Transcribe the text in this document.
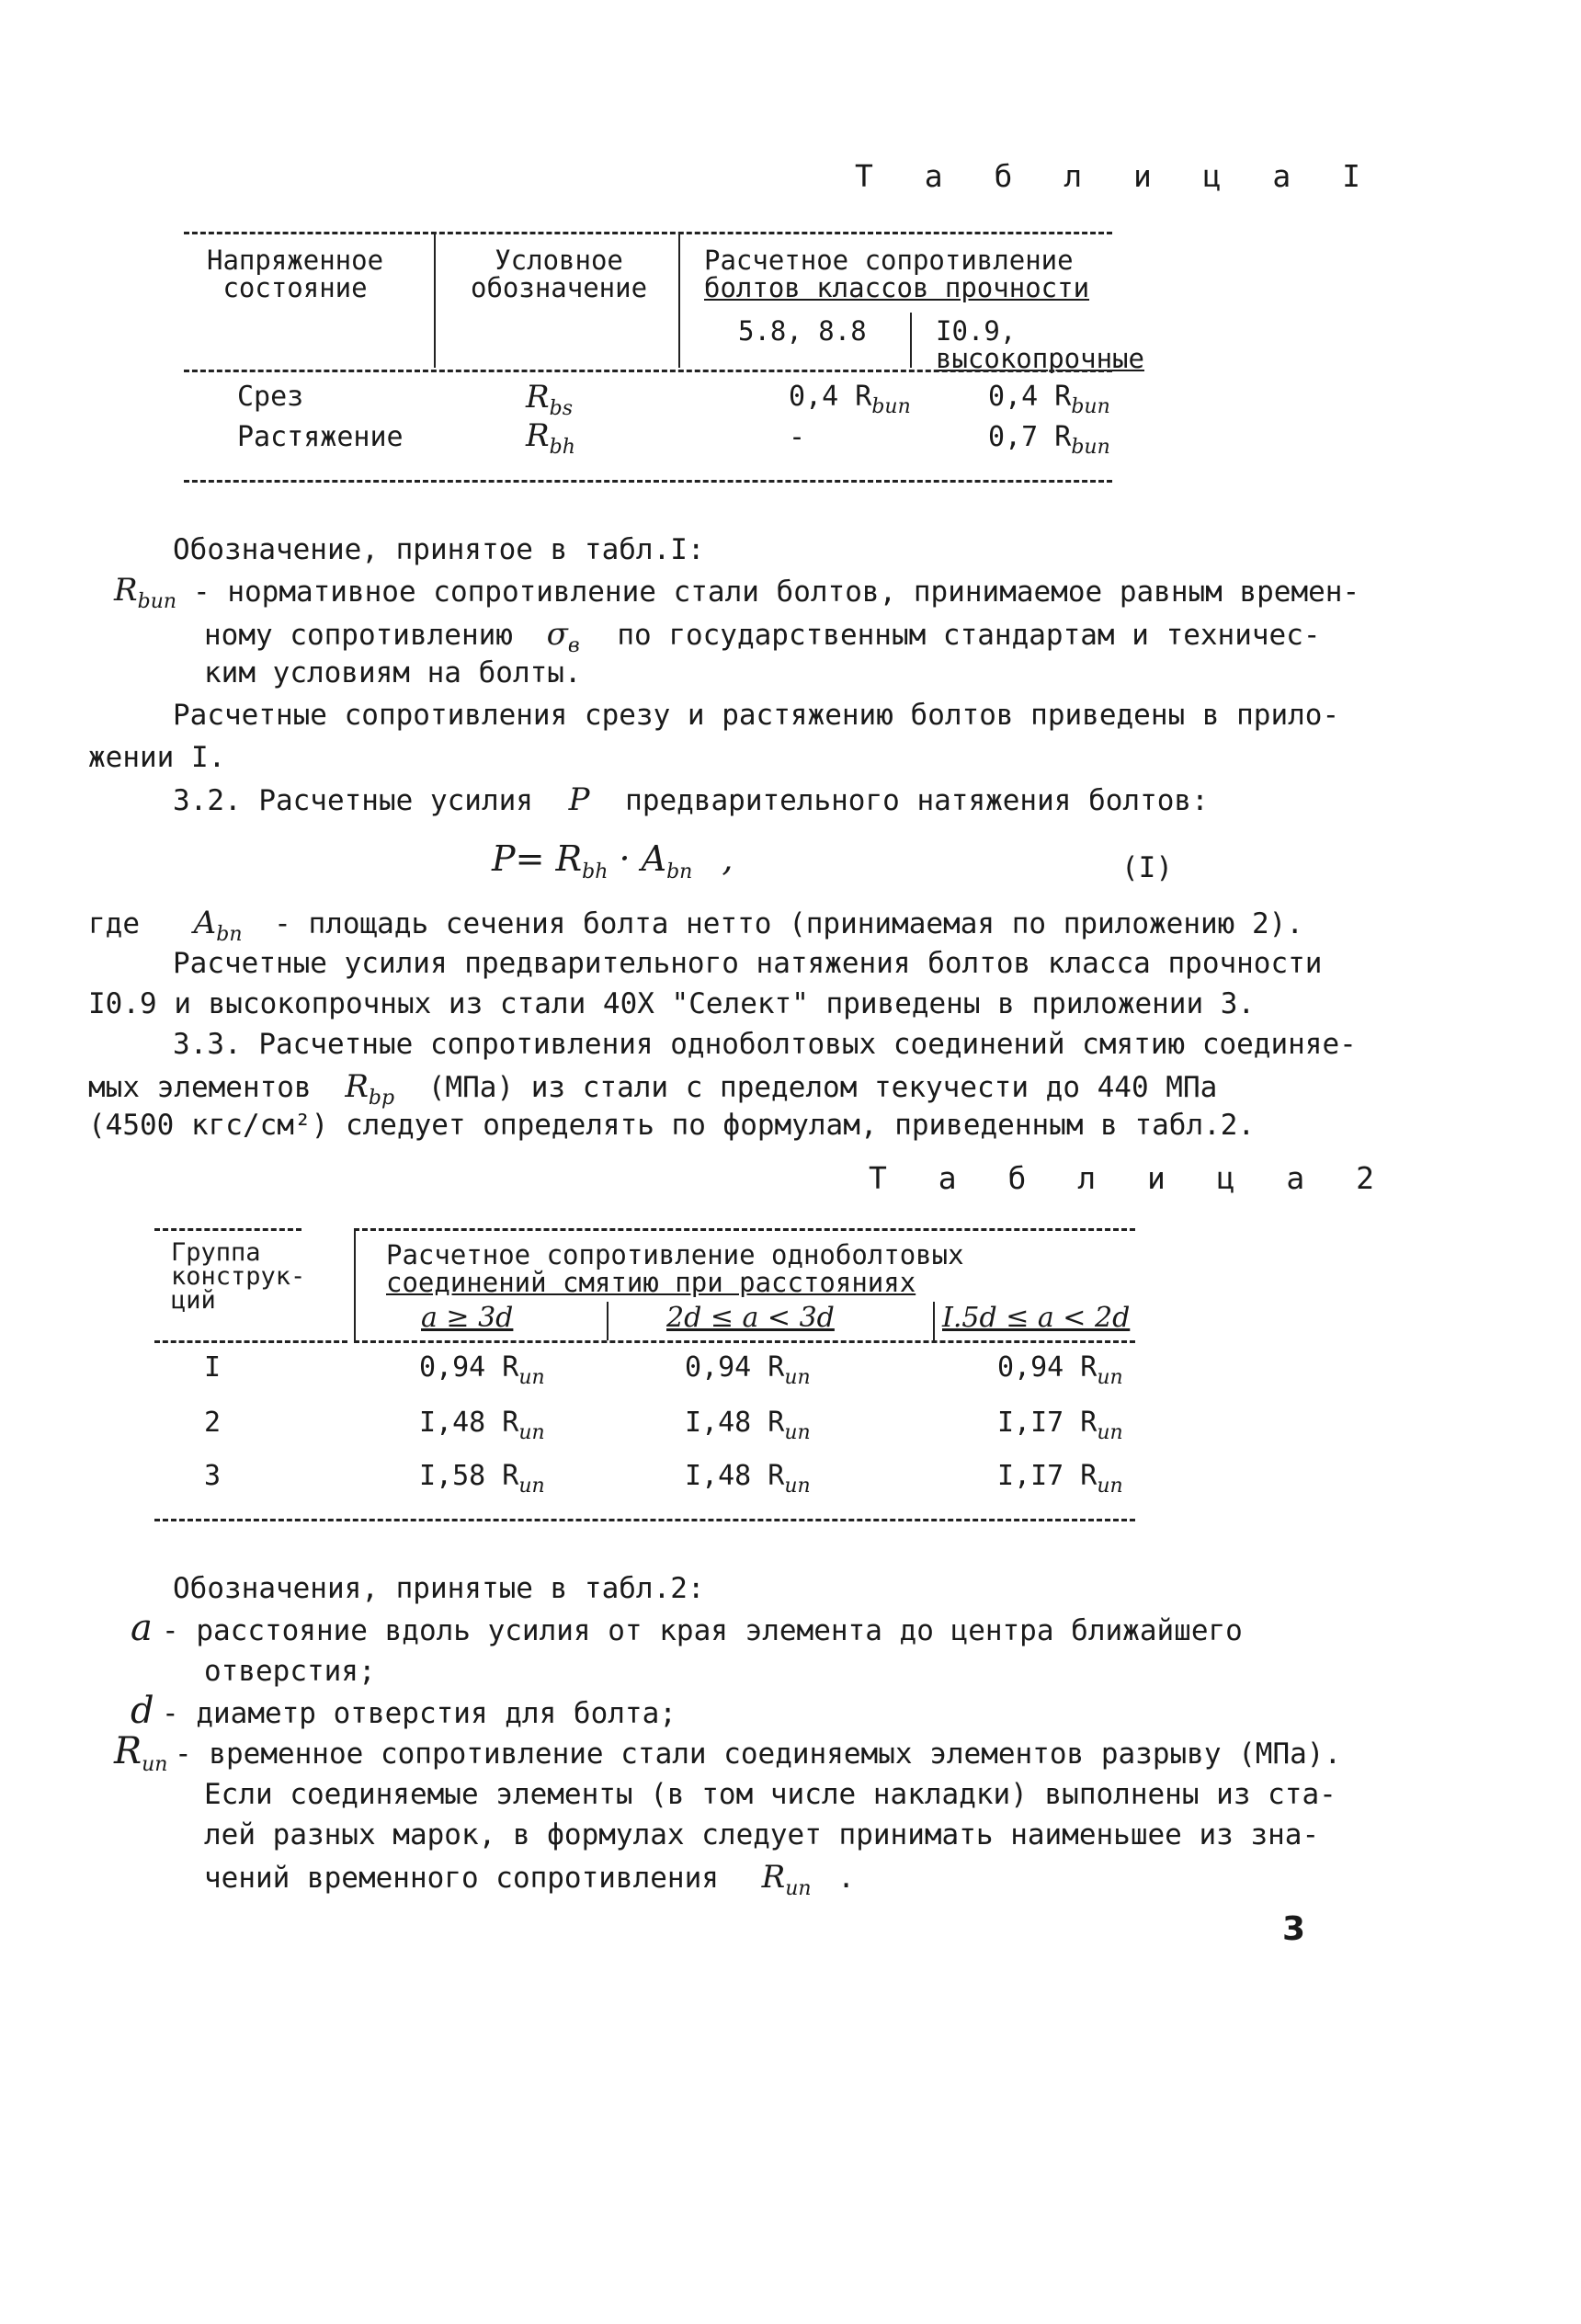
Т а б л и ц а I
Напряженное
состояние
Условное
обозначение
Расчетное сопротивление
болтов классов прочности
5.8, 8.8	I0.9,
высокопрочные
Срез	$R_{bs}$	0,4 $R_{bun}$	0,4 $R_{bun}$
Растяжение	$R_{bh}$	-	0,7 $R_{bun}$
Обозначение, принятое в табл.I:
$R_{bun}$ - нормативное сопротивление стали болтов, принимаемое равным времен-
ному сопротивлению $\sigma_в$ по государственным стандартам и техничес-
ким условиям на болты.
Расчетные сопротивления срезу и растяжению болтов приведены в прило-
жении I.
3.2. Расчетные усилия P предварительного натяжения болтов:
$P= R_{bh} \cdot A_{bn}$ ,	(I)
где $A_{bn}$ - площадь сечения болта нетто (принимаемая по приложению 2).
Расчетные усилия предварительного натяжения болтов класса прочности
I0.9 и высокопрочных из стали 40Х "Селект" приведены в приложении 3.
3.3. Расчетные сопротивления одноболтовых соединений смятию соединяе-
мых элементов $R_{bp}$ (МПа) из стали с пределом текучести до 440 МПа
(4500 кгс/см²) следует определять по формулам, приведенным в табл.2.
Т а б л и ц а 2
Группа
конструк-
ций
Расчетное сопротивление одноболтовых
соединений смятию при расстояниях
a ≥ 3d	2d ≤ a < 3d	I.5d ≤ a < 2d
I	0,94 $R_{un}$	0,94 $R_{un}$	0,94 $R_{un}$
2	I,48 $R_{un}$	I,48 $R_{un}$	I,I7 $R_{un}$
3	I,58 $R_{un}$	I,48 $R_{un}$	I,I7 $R_{un}$
Обозначения, принятые в табл.2:
a - расстояние вдоль усилия от края элемента до центра ближайшего
отверстия;
d - диаметр отверстия для болта;
$R_{un}$ - временное сопротивление стали соединяемых элементов разрыву (МПа).
Если соединяемые элементы (в том числе накладки) выполнены из ста-
лей разных марок, в формулах следует принимать наименьшее из зна-
чений временного сопротивления $R_{un}$ .
3
